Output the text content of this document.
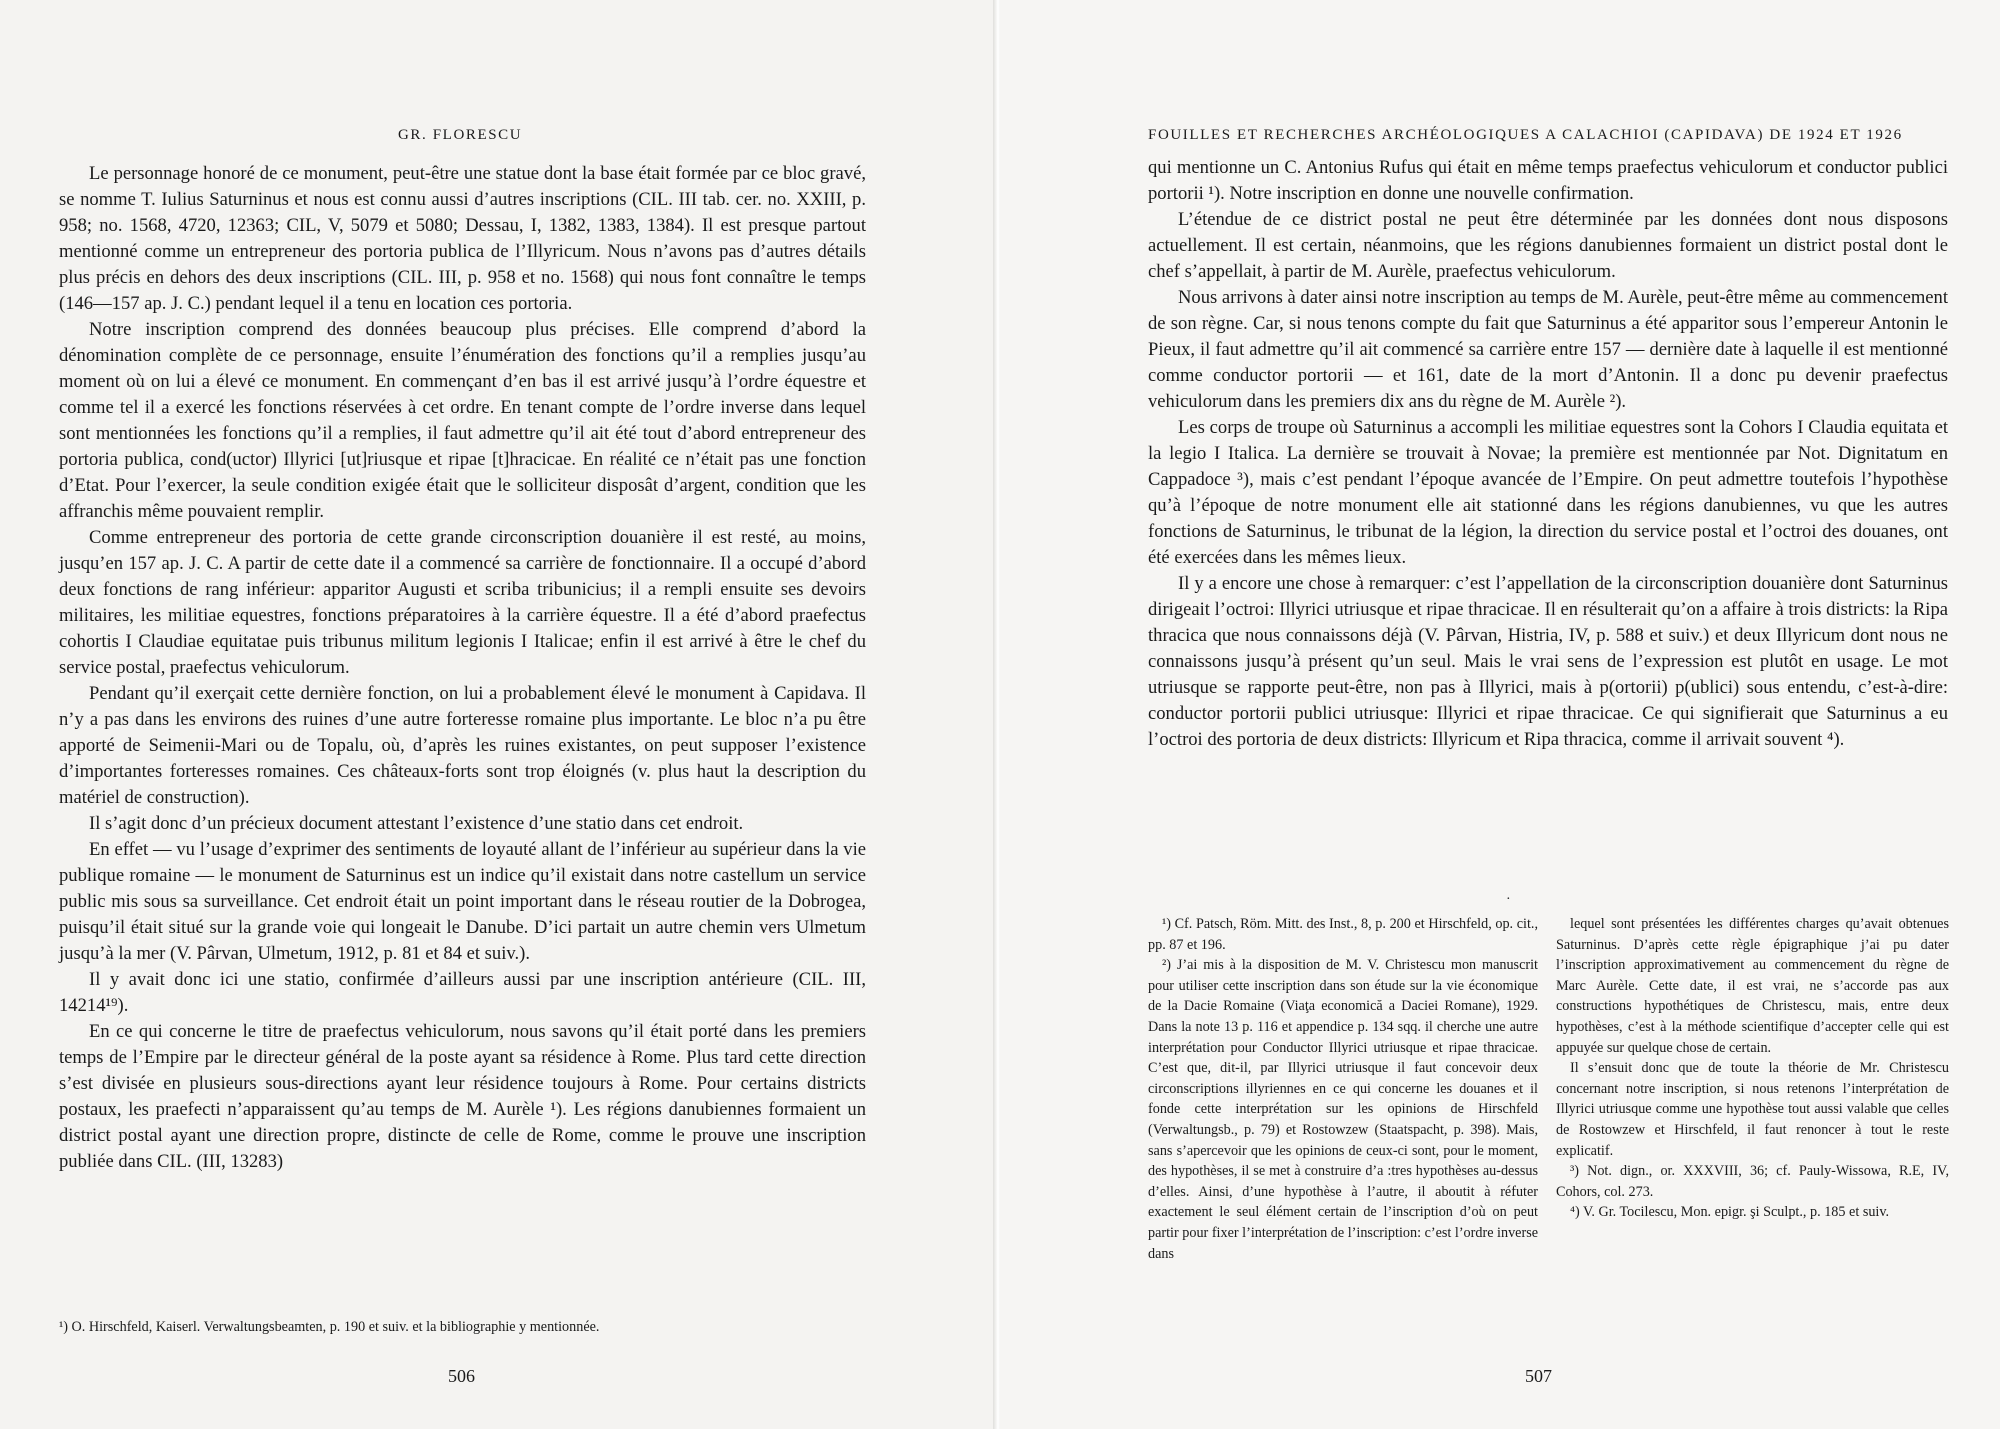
GR. FLORESCU

Le personnage honoré de ce monument, peut-être une statue dont la base était formée par ce bloc gravé, se nomme T. Iulius Saturninus et nous est connu aussi d’autres inscriptions (CIL. III tab. cer. no. XXIII, p. 958; no. 1568, 4720, 12363; CIL, V, 5079 et 5080; Dessau, I, 1382, 1383, 1384). Il est presque partout mentionné comme un entrepreneur des portoria publica de l’Illyricum. Nous n’avons pas d’autres détails plus précis en dehors des deux inscriptions (CIL. III, p. 958 et no. 1568) qui nous font connaître le temps (146—157 ap. J. C.) pendant lequel il a tenu en location ces portoria.

Notre inscription comprend des données beaucoup plus précises. Elle comprend d’abord la dénomination complète de ce personnage, ensuite l’énumération des fonctions qu’il a remplies jusqu’au moment où on lui a élevé ce monument. En commençant d’en bas il est arrivé jusqu’à l’ordre équestre et comme tel il a exercé les fonctions réservées à cet ordre. En tenant compte de l’ordre inverse dans lequel sont mentionnées les fonctions qu’il a remplies, il faut admettre qu’il ait été tout d’abord entrepreneur des portoria publica, cond(uctor) Illyrici [ut]riusque et ripae [t]hracicae. En réalité ce n’était pas une fonction d’Etat. Pour l’exercer, la seule condition exigée était que le solliciteur disposât d’argent, condition que les affranchis même pouvaient remplir.

Comme entrepreneur des portoria de cette grande circonscription douanière il est resté, au moins, jusqu’en 157 ap. J. C. A partir de cette date il a commencé sa carrière de fonctionnaire. Il a occupé d’abord deux fonctions de rang inférieur: apparitor Augusti et scriba tribunicius; il a rempli ensuite ses devoirs militaires, les militiae equestres, fonctions préparatoires à la carrière équestre. Il a été d’abord praefectus cohortis I Claudiae equitatae puis tribunus militum legionis I Italicae; enfin il est arrivé à être le chef du service postal, praefectus vehiculorum.

Pendant qu’il exerçait cette dernière fonction, on lui a probablement élevé le monument à Capidava. Il n’y a pas dans les environs des ruines d’une autre forteresse romaine plus importante. Le bloc n’a pu être apporté de Seimenii-Mari ou de Topalu, où, d’après les ruines existantes, on peut supposer l’existence d’importantes forteresses romaines. Ces châteaux-forts sont trop éloignés (v. plus haut la description du matériel de construction).

Il s’agit donc d’un précieux document attestant l’existence d’une statio dans cet endroit.

En effet — vu l’usage d’exprimer des sentiments de loyauté allant de l’inférieur au supérieur dans la vie publique romaine — le monument de Saturninus est un indice qu’il existait dans notre castellum un service public mis sous sa surveillance. Cet endroit était un point important dans le réseau routier de la Dobrogea, puisqu’il était situé sur la grande voie qui longeait le Danube. D’ici partait un autre chemin vers Ulmetum jusqu’à la mer (V. Pârvan, Ulmetum, 1912, p. 81 et 84 et suiv.).

Il y avait donc ici une statio, confirmée d’ailleurs aussi par une inscription antérieure (CIL. III, 14214¹⁹).

En ce qui concerne le titre de praefectus vehiculorum, nous savons qu’il était porté dans les premiers temps de l’Empire par le directeur général de la poste ayant sa résidence à Rome. Plus tard cette direction s’est divisée en plusieurs sous-directions ayant leur résidence toujours à Rome. Pour certains districts postaux, les praefecti n’apparaissent qu’au temps de M. Aurèle ¹). Les régions danubiennes formaient un district postal ayant une direction propre, distincte de celle de Rome, comme le prouve une inscription publiée dans CIL. (III, 13283)

¹) O. Hirschfeld, Kaiserl. Verwaltungsbeamten, p. 190 et suiv. et la bibliographie y mentionnée.
506
FOUILLES ET RECHERCHES ARCHÉOLOGIQUES A CALACHIOI (CAPIDAVA) DE 1924 ET 1926

qui mentionne un C. Antonius Rufus qui était en même temps praefectus vehiculorum et conductor publici portorii ¹). Notre inscription en donne une nouvelle confirmation.

L’étendue de ce district postal ne peut être déterminée par les données dont nous disposons actuellement. Il est certain, néanmoins, que les régions danubiennes formaient un district postal dont le chef s’appellait, à partir de M. Aurèle, praefectus vehiculorum.

Nous arrivons à dater ainsi notre inscription au temps de M. Aurèle, peut-être même au commencement de son règne. Car, si nous tenons compte du fait que Saturninus a été apparitor sous l’empereur Antonin le Pieux, il faut admettre qu’il ait commencé sa carrière entre 157 — dernière date à laquelle il est mentionné comme conductor portorii — et 161, date de la mort d’Antonin. Il a donc pu devenir praefectus vehiculorum dans les premiers dix ans du règne de M. Aurèle ²).

Les corps de troupe où Saturninus a accompli les militiae equestres sont la Cohors I Claudia equitata et la legio I Italica. La dernière se trouvait à Novae; la première est mentionnée par Not. Dignitatum en Cappadoce ³), mais c’est pendant l’époque avancée de l’Empire. On peut admettre toutefois l’hypothèse qu’à l’époque de notre monument elle ait stationné dans les régions danubiennes, vu que les autres fonctions de Saturninus, le tribunat de la légion, la direction du service postal et l’octroi des douanes, ont été exercées dans les mêmes lieux.

Il y a encore une chose à remarquer: c’est l’appellation de la circonscription douanière dont Saturninus dirigeait l’octroi: Illyrici utriusque et ripae thracicae. Il en résulterait qu’on a affaire à trois districts: la Ripa thracica que nous connaissons déjà (V. Pârvan, Histria, IV, p. 588 et suiv.) et deux Illyricum dont nous ne connaissons jusqu’à présent qu’un seul. Mais le vrai sens de l’expression est plutôt en usage. Le mot utriusque se rapporte peut-être, non pas à Illyrici, mais à p(ortorii) p(ublici) sous entendu, c’est-à-dire: conductor portorii publici utriusque: Illyrici et ripae thracicae. Ce qui signifierait que Saturninus a eu l’octroi des portoria de deux districts: Illyricum et Ripa thracica, comme il arrivait souvent ⁴).

·

¹) Cf. Patsch, Röm. Mitt. des Inst., 8, p. 200 et Hirschfeld, op. cit., pp. 87 et 196.

²) J’ai mis à la disposition de M. V. Christescu mon manuscrit pour utiliser cette inscription dans son étude sur la vie économique de la Dacie Romaine (Viaţa economică a Daciei Romane), 1929. Dans la note 13 p. 116 et appendice p. 134 sqq. il cherche une autre interprétation pour Conductor Illyrici utriusque et ripae thracicae. C’est que, dit-il, par Illyrici utriusque il faut concevoir deux circonscriptions illyriennes en ce qui concerne les douanes et il fonde cette interprétation sur les opinions de Hirschfeld (Verwaltungsb., p. 79) et Rostowzew (Staatspacht, p. 398). Mais, sans s’apercevoir que les opinions de ceux-ci sont, pour le moment, des hypothèses, il se met à construire d’a :tres hypothèses au-dessus d’elles. Ainsi, d’une hypothèse à l’autre, il aboutit à réfuter exactement le seul élément certain de l’inscription d’où on peut partir pour fixer l’interprétation de l’inscription: c’est l’ordre inverse dans

lequel sont présentées les différentes charges qu’avait obtenues Saturninus. D’après cette règle épigraphique j’ai pu dater l’inscription approximativement au commencement du règne de Marc Aurèle. Cette date, il est vrai, ne s’accorde pas aux constructions hypothétiques de Christescu, mais, entre deux hypothèses, c’est à la méthode scientifique d’accepter celle qui est appuyée sur quelque chose de certain.

Il s’ensuit donc que de toute la théorie de Mr. Christescu concernant notre inscription, si nous retenons l’interprétation de Illyrici utriusque comme une hypothèse tout aussi valable que celles de Rostowzew et Hirschfeld, il faut renoncer à tout le reste explicatif.

³) Not. dign., or. XXXVIII, 36; cf. Pauly-Wissowa, R.E, IV, Cohors, col. 273.

⁴) V. Gr. Tocilescu, Mon. epigr. şi Sculpt., p. 185 et suiv.

507
